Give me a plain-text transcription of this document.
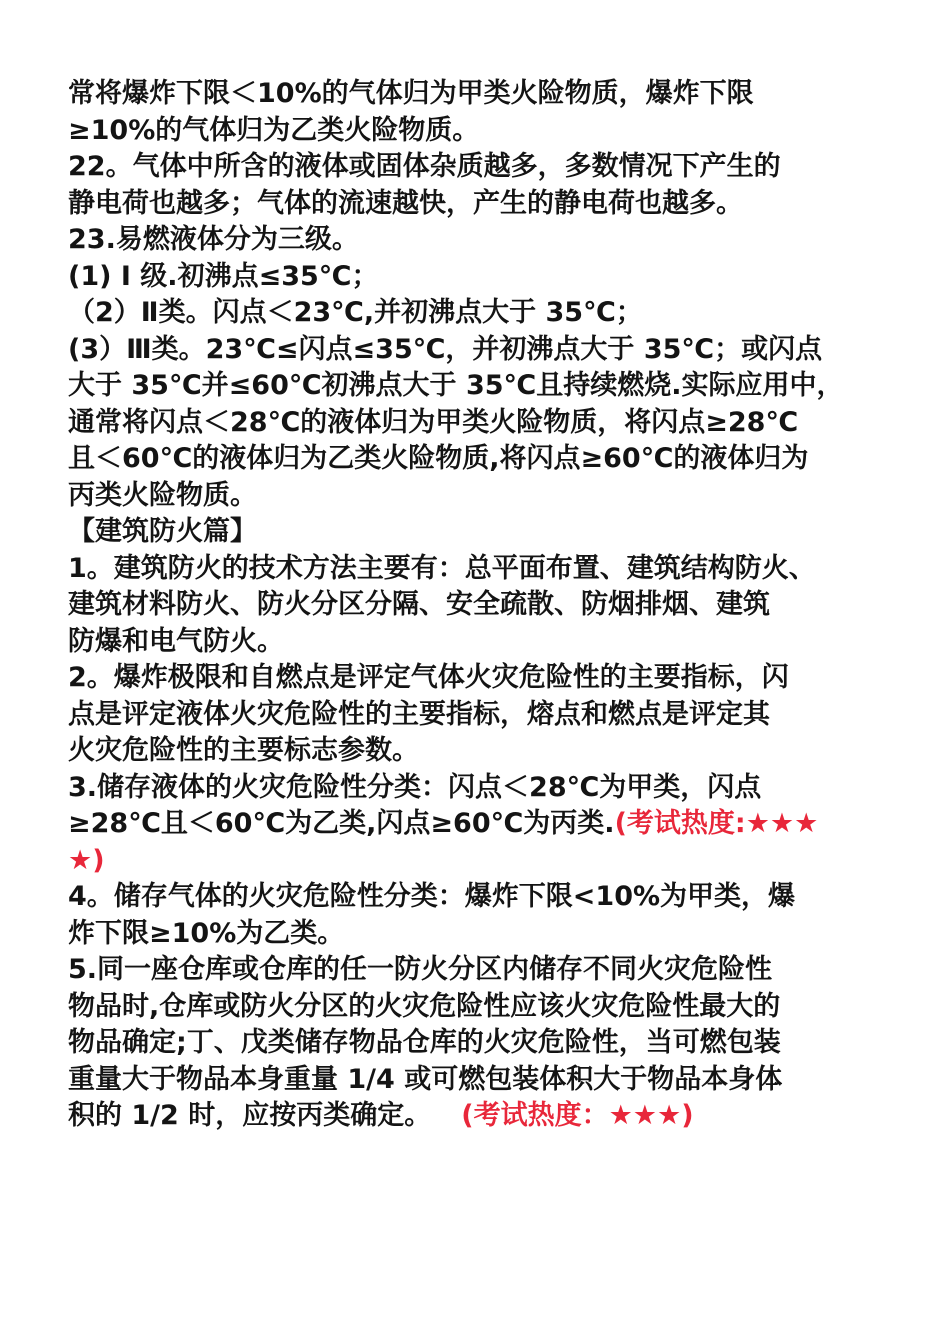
常将爆炸下限＜10%的气体归为甲类火险物质，爆炸下限
≥10%的气体归为乙类火险物质。
22。气体中所含的液体或固体杂质越多，多数情况下产生的
静电荷也越多；气体的流速越快，产生的静电荷也越多。
23.易燃液体分为三级。
(1) Ⅰ 级.初沸点≤35℃；
（2）Ⅱ类。闪点＜23℃,并初沸点大于 35℃；
(3）Ⅲ类。23℃≤闪点≤35℃，并初沸点大于 35℃；或闪点
大于 35℃并≤60℃初沸点大于 35℃且持续燃烧.实际应用中，
通常将闪点＜28℃的液体归为甲类火险物质，将闪点≥28℃
且＜60℃的液体归为乙类火险物质,将闪点≥60℃的液体归为
丙类火险物质。
【建筑防火篇】
1。建筑防火的技术方法主要有：总平面布置、建筑结构防火、
建筑材料防火、防火分区分隔、安全疏散、防烟排烟、建筑
防爆和电气防火。
2。爆炸极限和自燃点是评定气体火灾危险性的主要指标，闪
点是评定液体火灾危险性的主要指标，熔点和燃点是评定其
火灾危险性的主要标志参数。
3.储存液体的火灾危险性分类：闪点＜28℃为甲类，闪点
≥28℃且＜60℃为乙类,闪点≥60℃为丙类.(考试热度:★★★
★)
4。储存气体的火灾危险性分类：爆炸下限<10%为甲类，爆
炸下限≥10%为乙类。
5.同一座仓库或仓库的任一防火分区内储存不同火灾危险性
物品时,仓库或防火分区的火灾危险性应该火灾危险性最大的
物品确定;丁、戊类储存物品仓库的火灾危险性，当可燃包装
重量大于物品本身重量 1/4 或可燃包装体积大于物品本身体
积的 1/2 时，应按丙类确定。 (考试热度：★★★)
